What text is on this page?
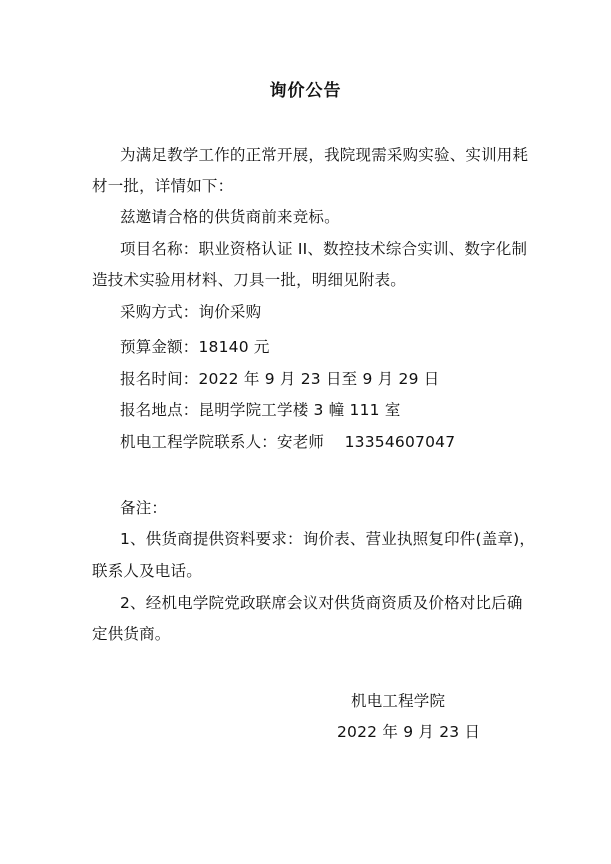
询价公告
为满足教学工作的正常开展，我院现需采购实验、实训用耗
材一批，详情如下：
兹邀请合格的供货商前来竞标。
项目名称：职业资格认证 II、数控技术综合实训、数字化制
造技术实验用材料、刀具一批，明细见附表。
采购方式：询价采购
预算金额：18140 元
报名时间：2022 年 9 月 23 日至 9 月 29 日
报名地点：昆明学院工学楼 3 幢 111 室
机电工程学院联系人：安老师    13354607047
备注：
1、供货商提供资料要求：询价表、营业执照复印件(盖章)，
联系人及电话。
2、经机电学院党政联席会议对供货商资质及价格对比后确
定供货商。
机电工程学院
2022 年 9 月 23 日
